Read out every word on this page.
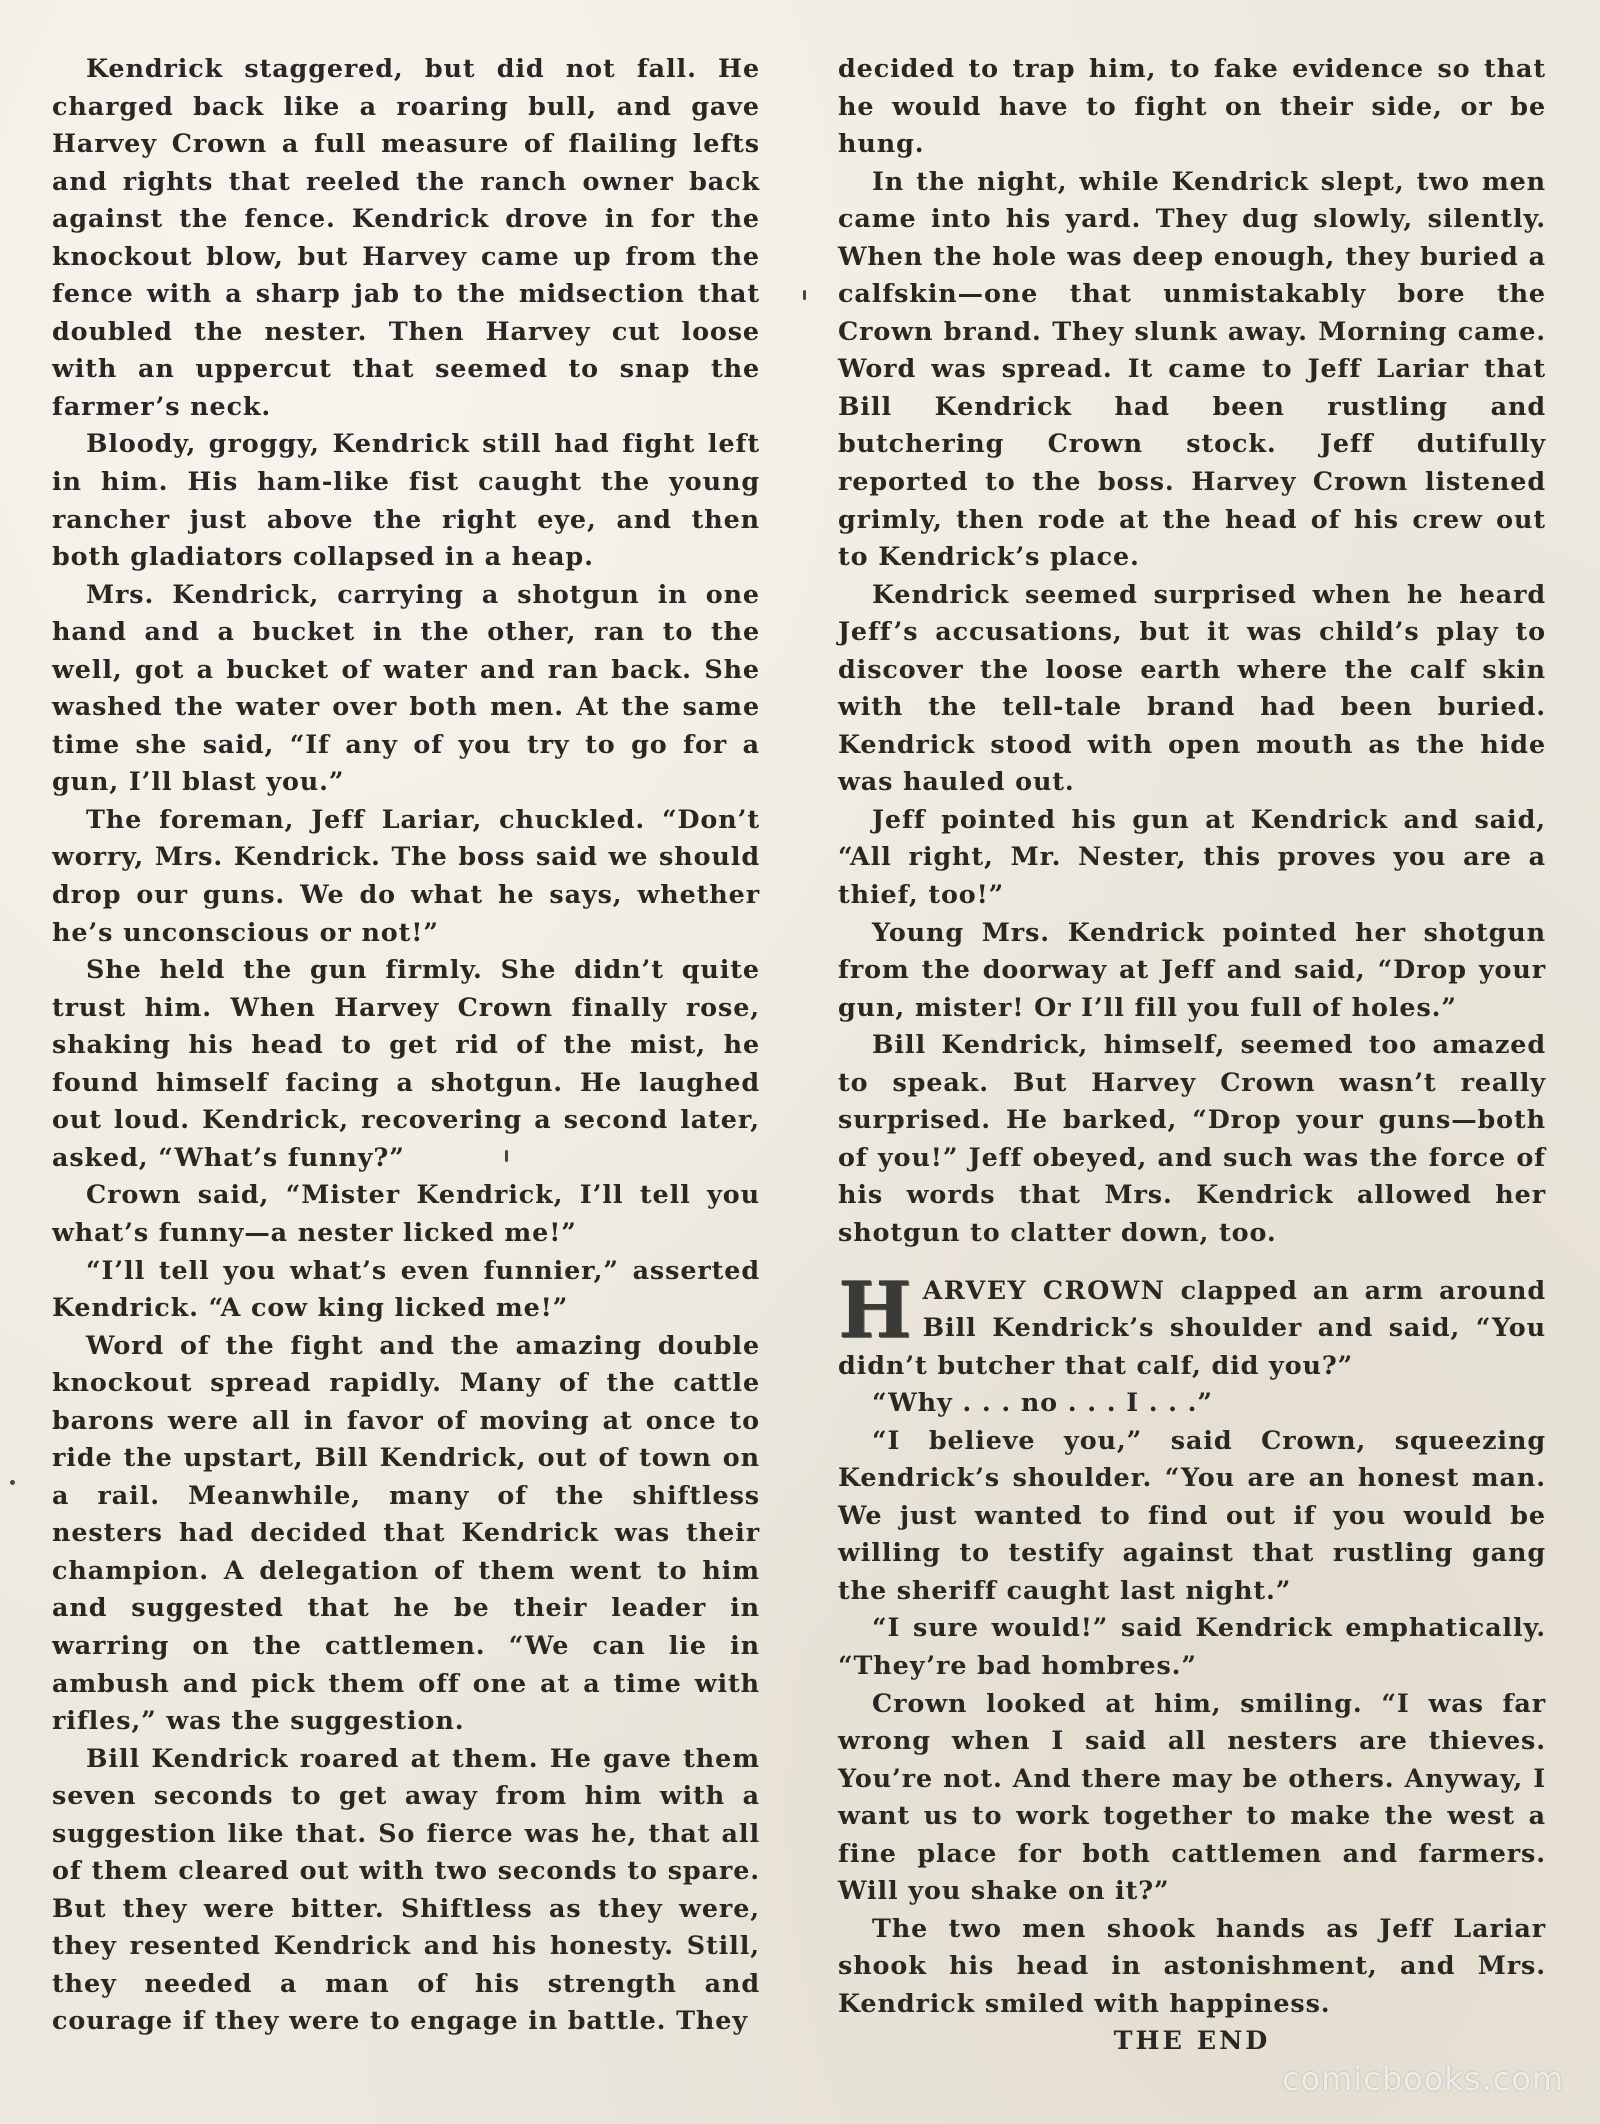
Kendrick staggered, but did not fall. He charged back like a roaring bull, and gave Harvey Crown a full measure of flailing lefts and rights that reeled the ranch owner back against the fence. Kendrick drove in for the knockout blow, but Harvey came up from the fence with a sharp jab to the midsection that doubled the nester. Then Harvey cut loose with an uppercut that seemed to snap the farmer’s neck.

Bloody, groggy, Kendrick still had fight left in him. His ham-like fist caught the young rancher just above the right eye, and then both gladiators collapsed in a heap.

Mrs. Kendrick, carrying a shotgun in one hand and a bucket in the other, ran to the well, got a bucket of water and ran back. She washed the water over both men. At the same time she said, “If any of you try to go for a gun, I’ll blast you.”

The foreman, Jeff Lariar, chuckled. “Don’t worry, Mrs. Kendrick. The boss said we should drop our guns. We do what he says, whether he’s unconscious or not!”

She held the gun firmly. She didn’t quite trust him. When Harvey Crown finally rose, shaking his head to get rid of the mist, he found himself facing a shotgun. He laughed out loud. Kendrick, recovering a second later, asked, “What’s funny?”

Crown said, “Mister Kendrick, I’ll tell you what’s funny—a nester licked me!”

“I’ll tell you what’s even funnier,” asserted Kendrick. “A cow king licked me!”

Word of the fight and the amazing double knockout spread rapidly. Many of the cattle barons were all in favor of moving at once to ride the upstart, Bill Kendrick, out of town on a rail. Meanwhile, many of the shiftless nesters had decided that Kendrick was their champion. A delegation of them went to him and suggested that he be their leader in warring on the cattlemen. “We can lie in ambush and pick them off one at a time with rifles,” was the suggestion.

Bill Kendrick roared at them. He gave them seven seconds to get away from him with a suggestion like that. So fierce was he, that all of them cleared out with two seconds to spare. But they were bitter. Shiftless as they were, they resented Kendrick and his honesty. Still, they needed a man of his strength and courage if they were to engage in battle. They

decided to trap him, to fake evidence so that he would have to fight on their side, or be hung.

In the night, while Kendrick slept, two men came into his yard. They dug slowly, silently. When the hole was deep enough, they buried a calfskin—one that unmistakably bore the Crown brand. They slunk away. Morning came. Word was spread. It came to Jeff Lariar that Bill Kendrick had been rustling and butchering Crown stock. Jeff dutifully reported to the boss. Harvey Crown listened grimly, then rode at the head of his crew out to Kendrick’s place.

Kendrick seemed surprised when he heard Jeff’s accusations, but it was child’s play to discover the loose earth where the calf skin with the tell-tale brand had been buried. Kendrick stood with open mouth as the hide was hauled out.

Jeff pointed his gun at Kendrick and said, “All right, Mr. Nester, this proves you are a thief, too!”

Young Mrs. Kendrick pointed her shotgun from the doorway at Jeff and said, “Drop your gun, mister! Or I’ll fill you full of holes.”

Bill Kendrick, himself, seemed too amazed to speak. But Harvey Crown wasn’t really surprised. He barked, “Drop your guns—both of you!” Jeff obeyed, and such was the force of his words that Mrs. Kendrick allowed her shotgun to clatter down, too.

HARVEY CROWN clapped an arm around Bill Kendrick’s shoulder and said, “You didn’t butcher that calf, did you?”

“Why . . . no . . . I . . .”

“I believe you,” said Crown, squeezing Kendrick’s shoulder. “You are an honest man. We just wanted to find out if you would be willing to testify against that rustling gang the sheriff caught last night.”

“I sure would!” said Kendrick emphatically. “They’re bad hombres.”

Crown looked at him, smiling. “I was far wrong when I said all nesters are thieves. You’re not. And there may be others. Anyway, I want us to work together to make the west a fine place for both cattlemen and farmers. Will you shake on it?”

The two men shook hands as Jeff Lariar shook his head in astonishment, and Mrs. Kendrick smiled with happiness.

THE END

comicbooks.com
